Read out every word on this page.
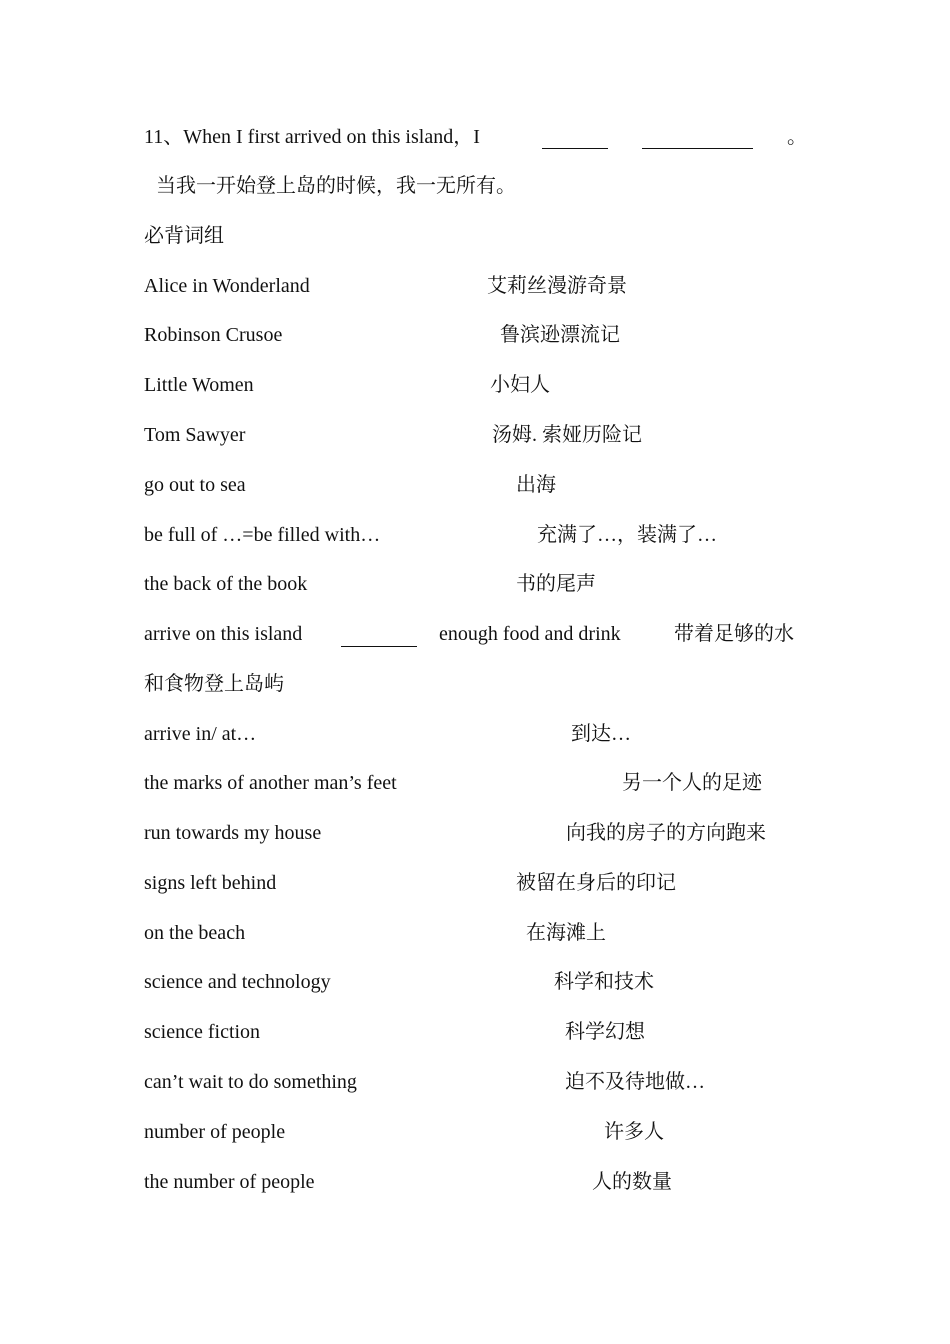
11、When I first arrived on this island，I	。
当我一开始登上岛的时候，我一无所有。
必背词组
Alice in Wonderland	艾莉丝漫游奇景
Robinson Crusoe	鲁滨逊漂流记
Little Women	小妇人
Tom Sawyer	汤姆. 索娅历险记
go out to sea	出海
be full of …=be filled with…	充满了…，装满了…
the back of the book	书的尾声
arrive on this island	enough food and drink	带着足够的水
和食物登上岛屿
arrive in/ at…	到达…
the marks of another man’s feet	另一个人的足迹
run towards my house	向我的房子的方向跑来
signs left behind	被留在身后的印记
on the beach	在海滩上
science and technology	科学和技术
science fiction	科学幻想
can’t wait to do something	迫不及待地做…
number of people	许多人
the number of people	人的数量
